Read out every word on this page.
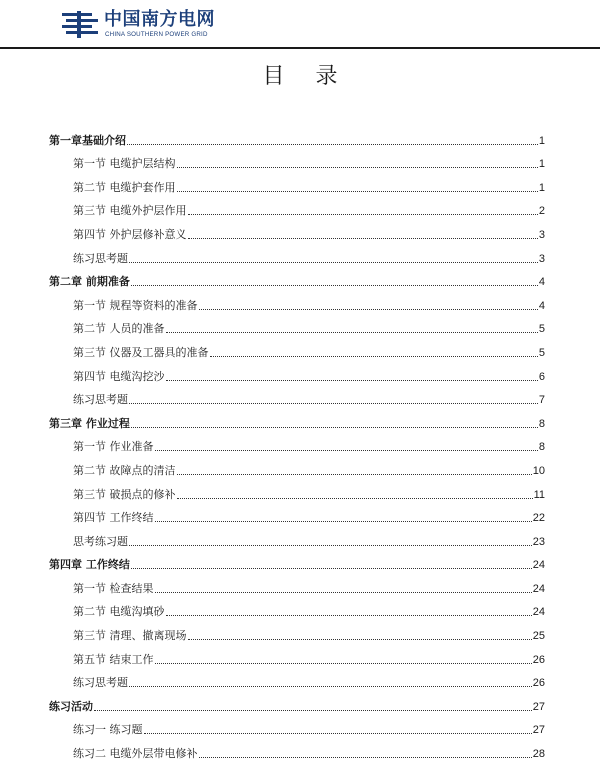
中国南方电网
CHINA SOUTHERN POWER GRID
目 录
第一章基础介绍	1
第一节 电缆护层结构	1
第二节 电缆护套作用	1
第三节 电缆外护层作用	2
第四节 外护层修补意义	3
练习思考题	3
第二章 前期准备	4
第一节 规程等资料的准备	4
第二节 人员的准备	5
第三节 仪器及工器具的准备	5
第四节 电缆沟挖沙	6
练习思考题	7
第三章 作业过程	8
第一节 作业准备	8
第二节 故障点的清洁	10
第三节 破损点的修补	11
第四节 工作终结	22
思考练习题	23
第四章 工作终结	24
第一节 检查结果	24
第二节 电缆沟填砂	24
第三节 清理、撤离现场	25
第五节 结束工作	26
练习思考题	26
练习活动	27
练习一 练习题	27
练习二 电缆外层带电修补	28
